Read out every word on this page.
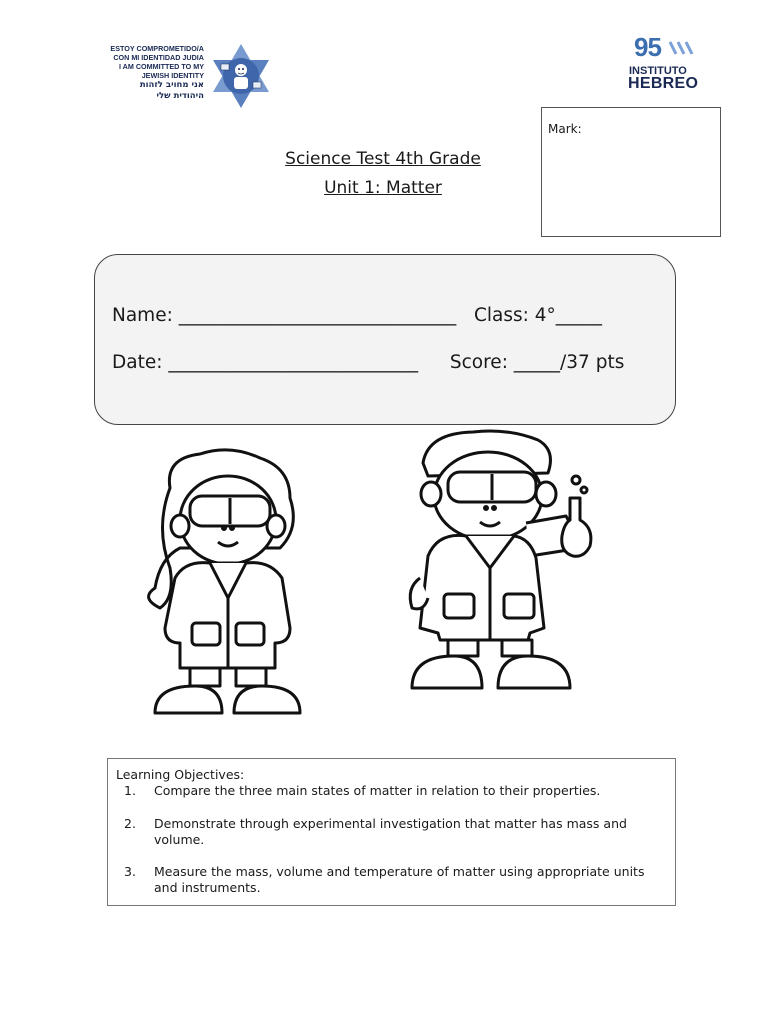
ESTOY COMPROMETIDO/A
CON MI IDENTIDAD JUDIA
I AM COMMITTED TO MY
JEWISH IDENTITY
אני מחויב לזהות
היהודית שלי
95
INSTITUTO
HEBREO
Mark:
Science Test 4th Grade
Unit 1: Matter
Name: ______________________________ Class: 4°_____
Date: ___________________________ Score: _____/37 pts
Learning Objectives:
1.	Compare the three main states of matter in relation to their properties.
2.	Demonstrate through experimental investigation that matter has mass and volume.
3.	Measure the mass, volume and temperature of matter using appropriate units and instruments.
